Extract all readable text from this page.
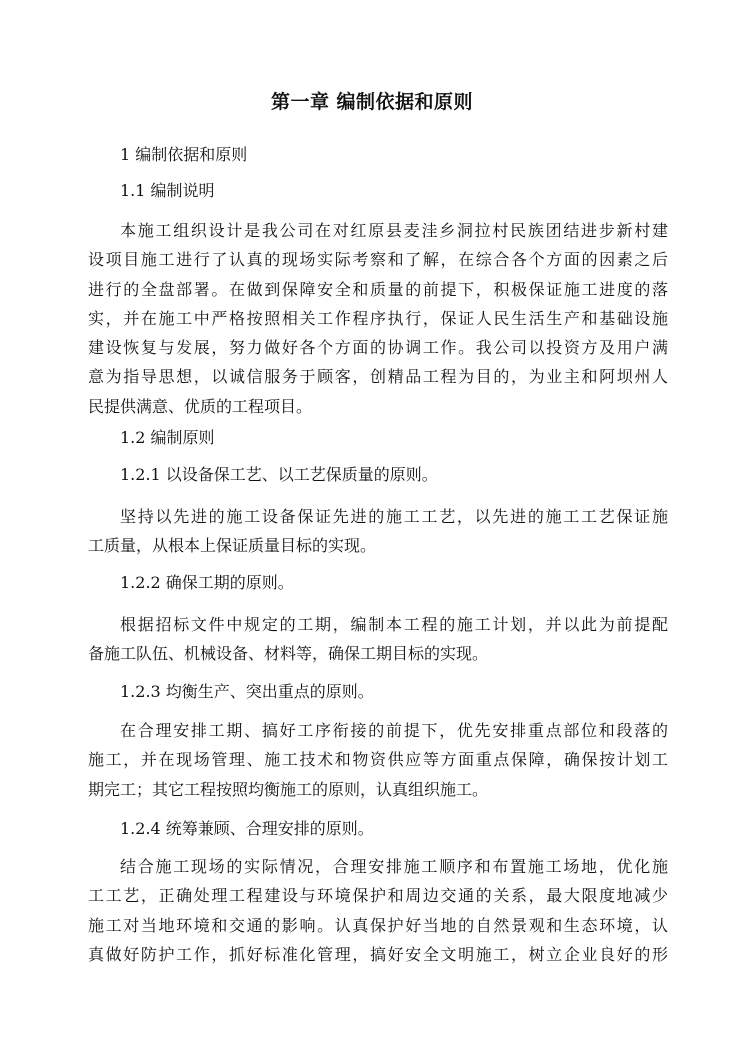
第一章 编制依据和原则
1 编制依据和原则
1.1 编制说明
本施工组织设计是我公司在对红原县麦洼乡洞拉村民族团结进步新村建
设项目施工进行了认真的现场实际考察和了解，在综合各个方面的因素之后
进行的全盘部署。在做到保障安全和质量的前提下，积极保证施工进度的落
实，并在施工中严格按照相关工作程序执行，保证人民生活生产和基础设施
建设恢复与发展，努力做好各个方面的协调工作。我公司以投资方及用户满
意为指导思想，以诚信服务于顾客，创精品工程为目的，为业主和阿坝州人
民提供满意、优质的工程项目。
1.2 编制原则
1.2.1 以设备保工艺、以工艺保质量的原则。
坚持以先进的施工设备保证先进的施工工艺，以先进的施工工艺保证施
工质量，从根本上保证质量目标的实现。
1.2.2 确保工期的原则。
根据招标文件中规定的工期，编制本工程的施工计划，并以此为前提配
备施工队伍、机械设备、材料等，确保工期目标的实现。
1.2.3 均衡生产、突出重点的原则。
在合理安排工期、搞好工序衔接的前提下，优先安排重点部位和段落的
施工，并在现场管理、施工技术和物资供应等方面重点保障，确保按计划工
期完工；其它工程按照均衡施工的原则，认真组织施工。
1.2.4 统筹兼顾、合理安排的原则。
结合施工现场的实际情况，合理安排施工顺序和布置施工场地，优化施
工工艺，正确处理工程建设与环境保护和周边交通的关系，最大限度地减少
施工对当地环境和交通的影响。认真保护好当地的自然景观和生态环境，认
真做好防护工作，抓好标准化管理，搞好安全文明施工，树立企业良好的形
